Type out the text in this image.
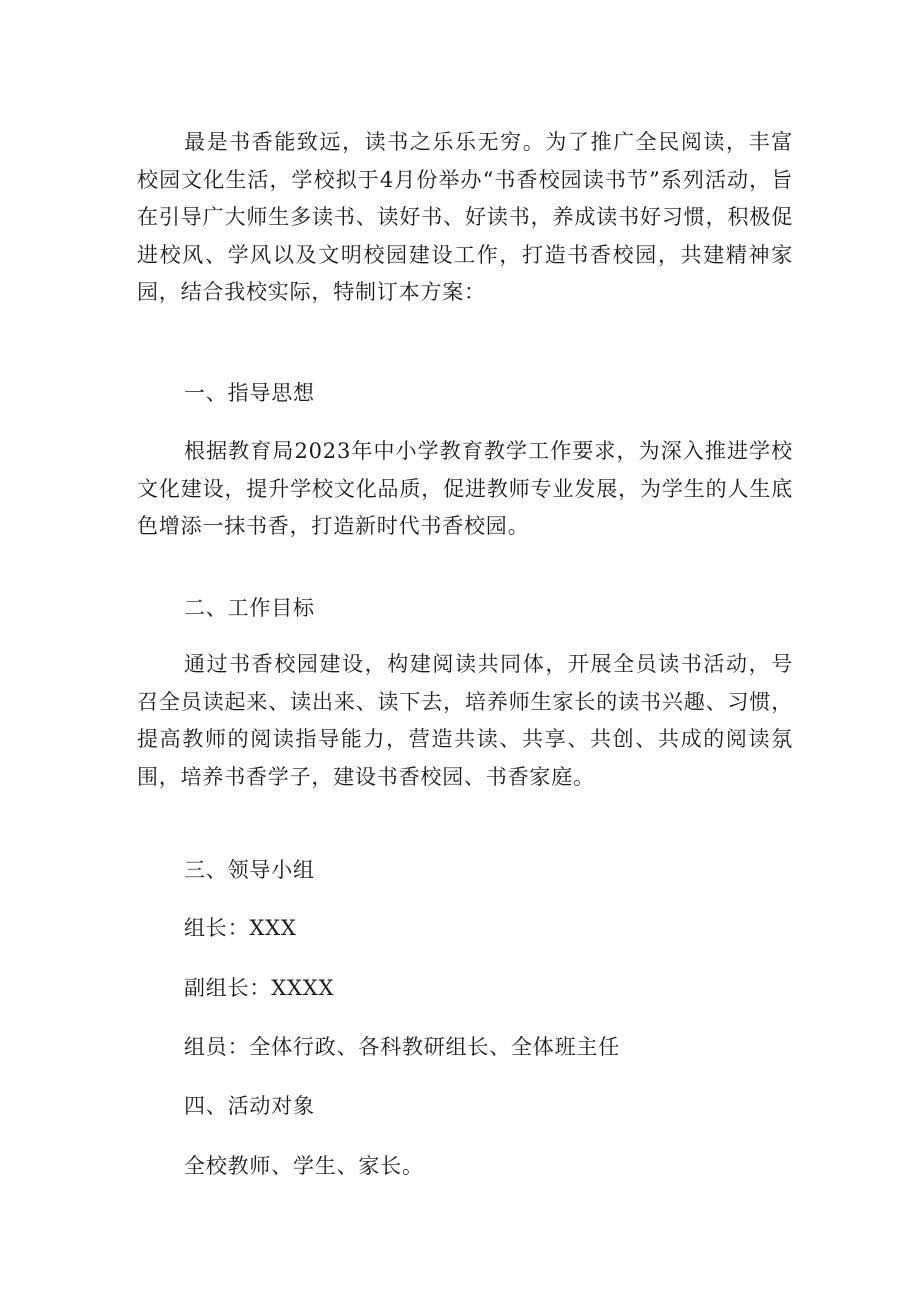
最是书香能致远，读书之乐乐无穷。为了推广全民阅读，丰富校园文化生活，学校拟于4月份举办“书香校园读书节”系列活动，旨在引导广大师生多读书、读好书、好读书，养成读书好习惯，积极促进校风、学风以及文明校园建设工作，打造书香校园，共建精神家园，结合我校实际，特制订本方案：

一、指导思想

根据教育局2023年中小学教育教学工作要求，为深入推进学校文化建设，提升学校文化品质，促进教师专业发展，为学生的人生底色增添一抹书香，打造新时代书香校园。

二、工作目标

通过书香校园建设，构建阅读共同体，开展全员读书活动，号召全员读起来、读出来、读下去，培养师生家长的读书兴趣、习惯，提高教师的阅读指导能力，营造共读、共享、共创、共成的阅读氛围，培养书香学子，建设书香校园、书香家庭。

三、领导小组

组长：XXX

副组长：XXXX

组员：全体行政、各科教研组长、全体班主任

四、活动对象

全校教师、学生、家长。
